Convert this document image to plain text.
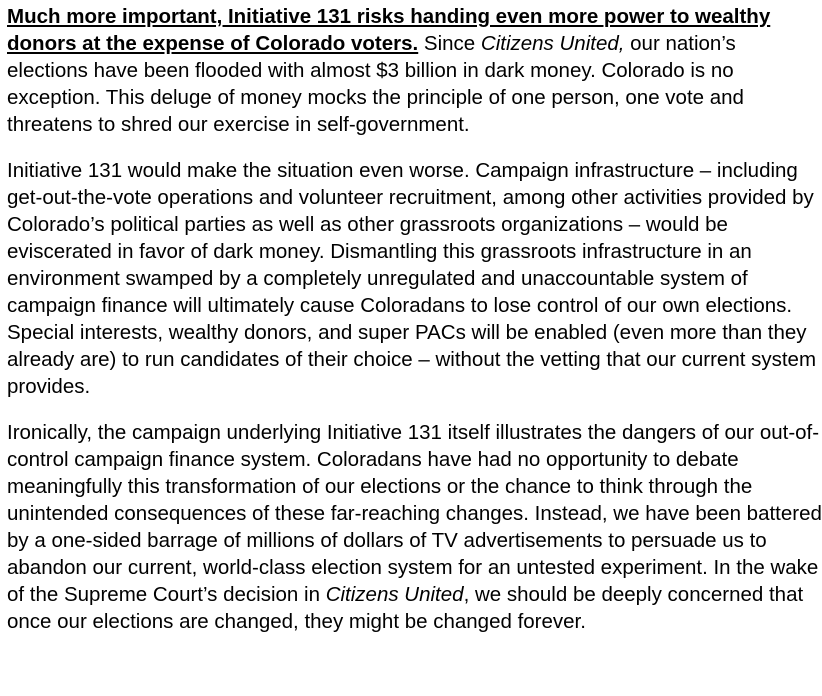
Much more important, Initiative 131 risks handing even more power to wealthy donors at the expense of Colorado voters. Since Citizens United, our nation’s elections have been flooded with almost $3 billion in dark money. Colorado is no exception. This deluge of money mocks the principle of one person, one vote and threatens to shred our exercise in self-government.

Initiative 131 would make the situation even worse. Campaign infrastructure – including get-out-the-vote operations and volunteer recruitment, among other activities provided by Colorado’s political parties as well as other grassroots organizations – would be eviscerated in favor of dark money. Dismantling this grassroots infrastructure in an environment swamped by a completely unregulated and unaccountable system of campaign finance will ultimately cause Coloradans to lose control of our own elections. Special interests, wealthy donors, and super PACs will be enabled (even more than they already are) to run candidates of their choice – without the vetting that our current system provides.

Ironically, the campaign underlying Initiative 131 itself illustrates the dangers of our out-of-control campaign finance system. Coloradans have had no opportunity to debate meaningfully this transformation of our elections or the chance to think through the unintended consequences of these far-reaching changes. Instead, we have been battered by a one-sided barrage of millions of dollars of TV advertisements to persuade us to abandon our current, world-class election system for an untested experiment. In the wake of the Supreme Court’s decision in Citizens United, we should be deeply concerned that once our elections are changed, they might be changed forever.
